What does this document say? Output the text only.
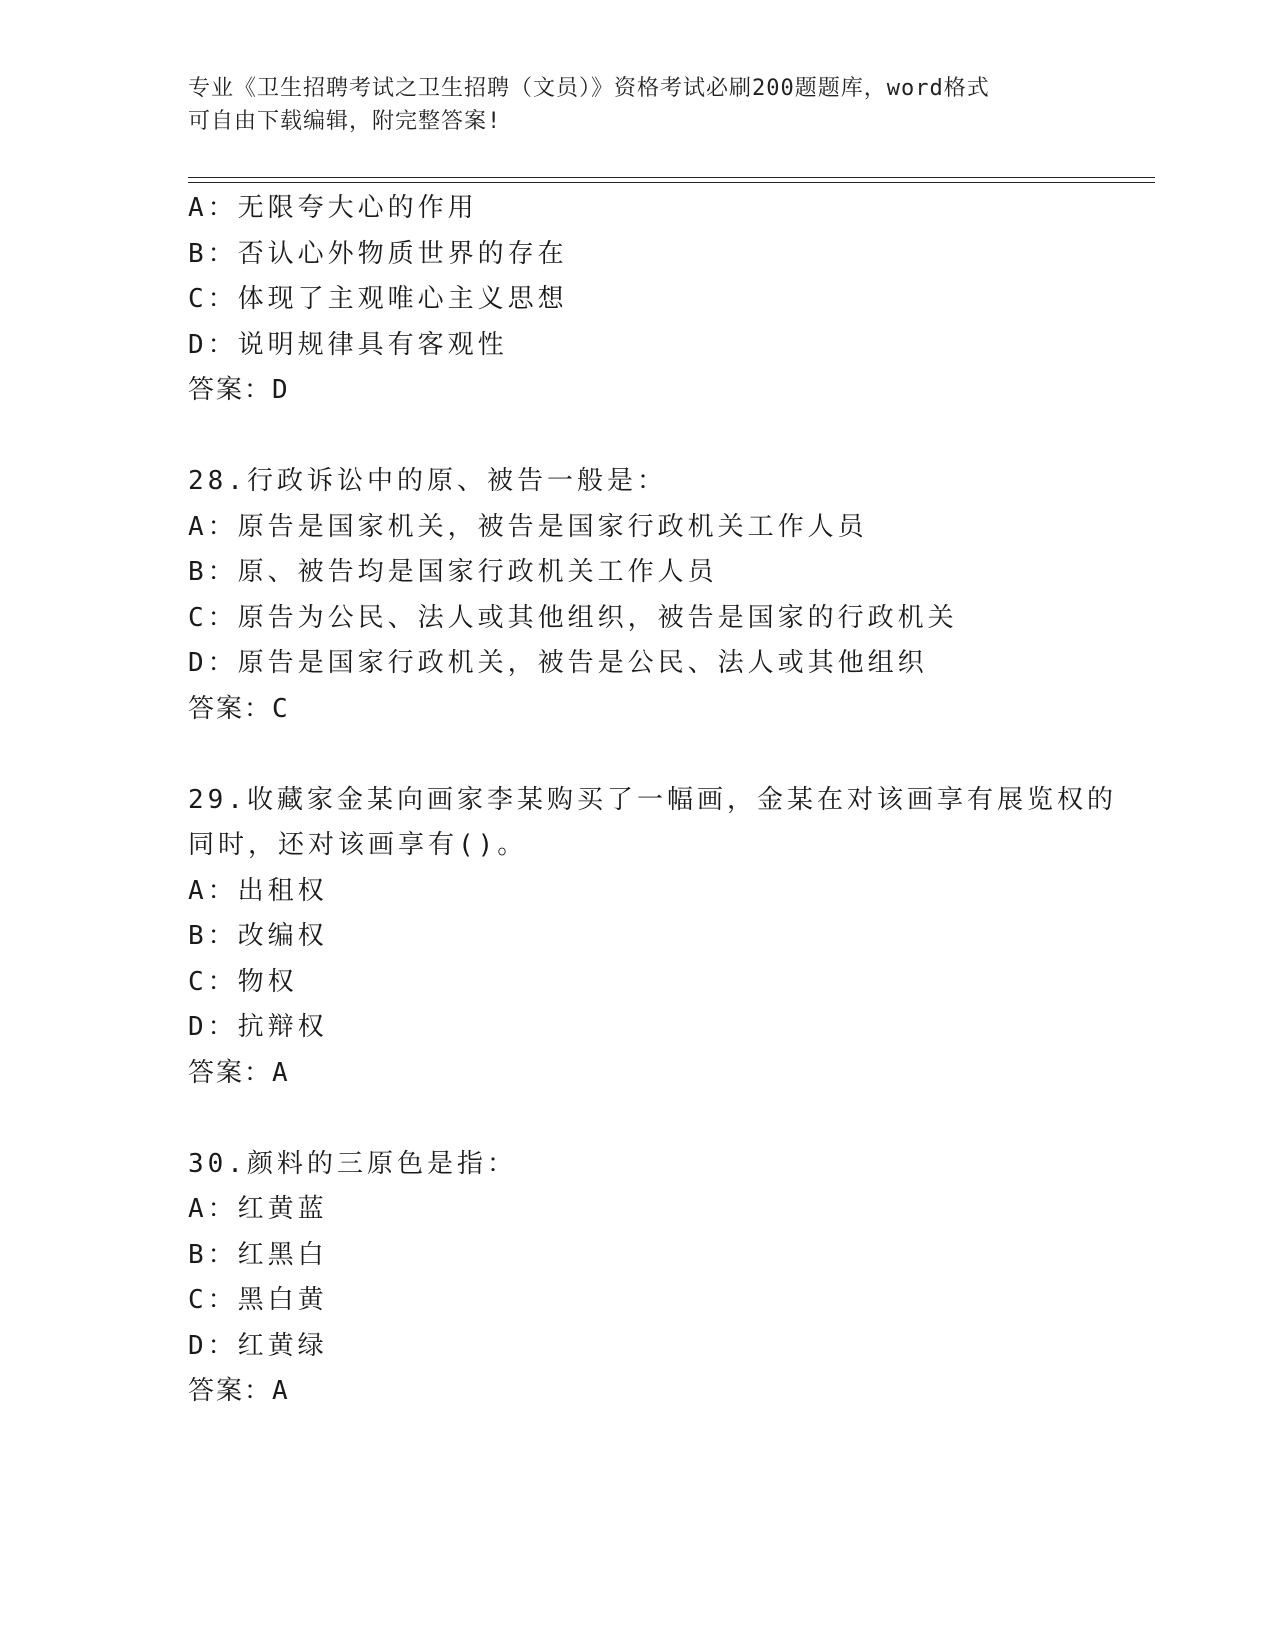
专业《卫生招聘考试之卫生招聘（文员）》资格考试必刷200题题库，word格式
可自由下载编辑，附完整答案!
A：无限夸大心的作用
B：否认心外物质世界的存在
C：体现了主观唯心主义思想
D：说明规律具有客观性
答案：D
28.行政诉讼中的原、被告一般是：
A：原告是国家机关，被告是国家行政机关工作人员
B：原、被告均是国家行政机关工作人员
C：原告为公民、法人或其他组织，被告是国家的行政机关
D：原告是国家行政机关，被告是公民、法人或其他组织
答案：C
29.收藏家金某向画家李某购买了一幅画，金某在对该画享有展览权的
同时，还对该画享有()。
A：出租权
B：改编权
C：物权
D：抗辩权
答案：A
30.颜料的三原色是指：
A：红黄蓝
B：红黑白
C：黑白黄
D：红黄绿
答案：A
